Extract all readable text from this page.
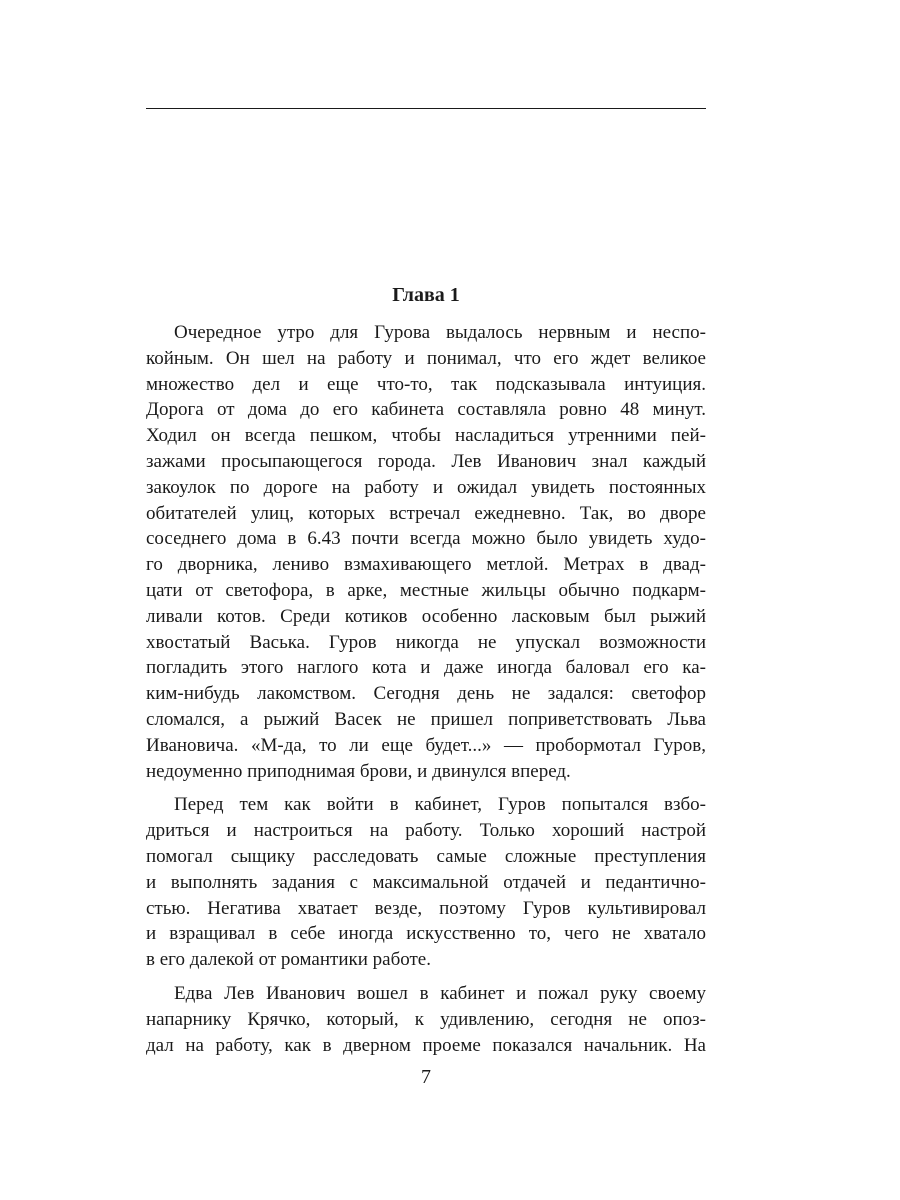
Глава 1
Очередное утро для Гурова выдалось нервным и неспо-
койным. Он шел на работу и понимал, что его ждет великое
множество дел и еще что-то, так подсказывала интуиция.
Дорога от дома до его кабинета составляла ровно 48 минут.
Ходил он всегда пешком, чтобы насладиться утренними пей-
зажами просыпающегося города. Лев Иванович знал каждый
закоулок по дороге на работу и ожидал увидеть постоянных
обитателей улиц, которых встречал ежедневно. Так, во дворе
соседнего дома в 6.43 почти всегда можно было увидеть худо-
го дворника, лениво взмахивающего метлой. Метрах в двад-
цати от светофора, в арке, местные жильцы обычно подкарм-
ливали котов. Среди котиков особенно ласковым был рыжий
хвостатый Васька. Гуров никогда не упускал возможности
погладить этого наглого кота и даже иногда баловал его ка-
ким-нибудь лакомством. Сегодня день не задался: светофор
сломался, а рыжий Васек не пришел поприветствовать Льва
Ивановича. «М-да, то ли еще будет...» — пробормотал Гуров,
недоуменно приподнимая брови, и двинулся вперед.
Перед тем как войти в кабинет, Гуров попытался взбо-
дриться и настроиться на работу. Только хороший настрой
помогал сыщику расследовать самые сложные преступления
и выполнять задания с максимальной отдачей и педантично-
стью. Негатива хватает везде, поэтому Гуров культивировал
и взращивал в себе иногда искусственно то, чего не хватало
в его далекой от романтики работе.
Едва Лев Иванович вошел в кабинет и пожал руку своему
напарнику Крячко, который, к удивлению, сегодня не опоз-
дал на работу, как в дверном проеме показался начальник. На
7
